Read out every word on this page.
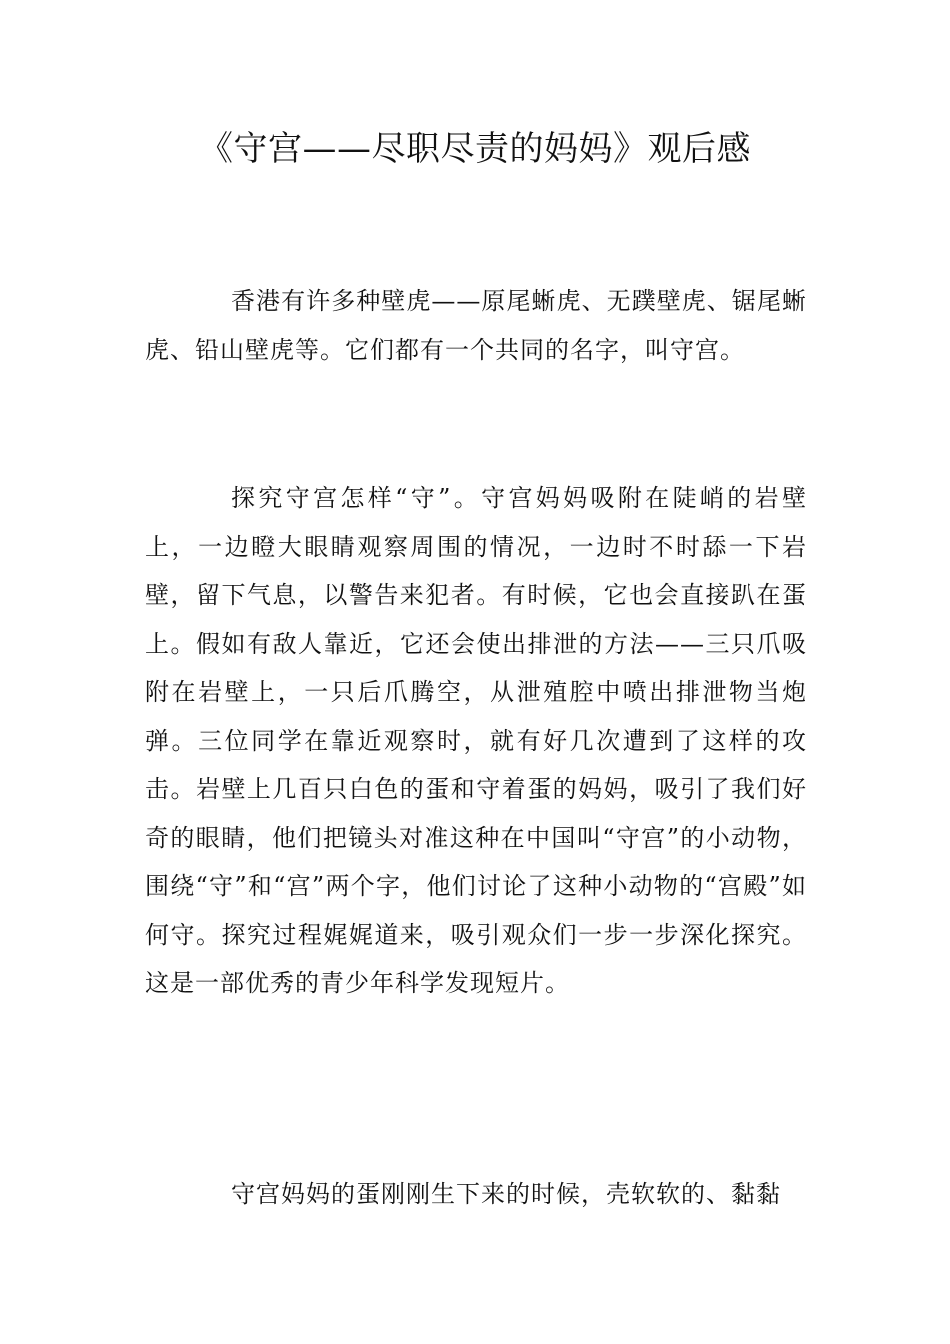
《守宫——尽职尽责的妈妈》观后感

香港有许多种壁虎——原尾蜥虎、无蹼壁虎、锯尾蜥虎、铅山壁虎等。它们都有一个共同的名字，叫守宫。

探究守宫怎样“守”。守宫妈妈吸附在陡峭的岩壁上，一边瞪大眼睛观察周围的情况，一边时不时舔一下岩壁，留下气息，以警告来犯者。有时候，它也会直接趴在蛋上。假如有敌人靠近，它还会使出排泄的方法——三只爪吸附在岩壁上，一只后爪腾空，从泄殖腔中喷出排泄物当炮弹。三位同学在靠近观察时，就有好几次遭到了这样的攻击。岩壁上几百只白色的蛋和守着蛋的妈妈，吸引了我们好奇的眼睛，他们把镜头对准这种在中国叫“守宫”的小动物，围绕“守”和“宫”两个字，他们讨论了这种小动物的“宫殿”如何守。探究过程娓娓道来，吸引观众们一步一步深化探究。这是一部优秀的青少年科学发现短片。

守宫妈妈的蛋刚刚生下来的时候，壳软软的、黏黏
